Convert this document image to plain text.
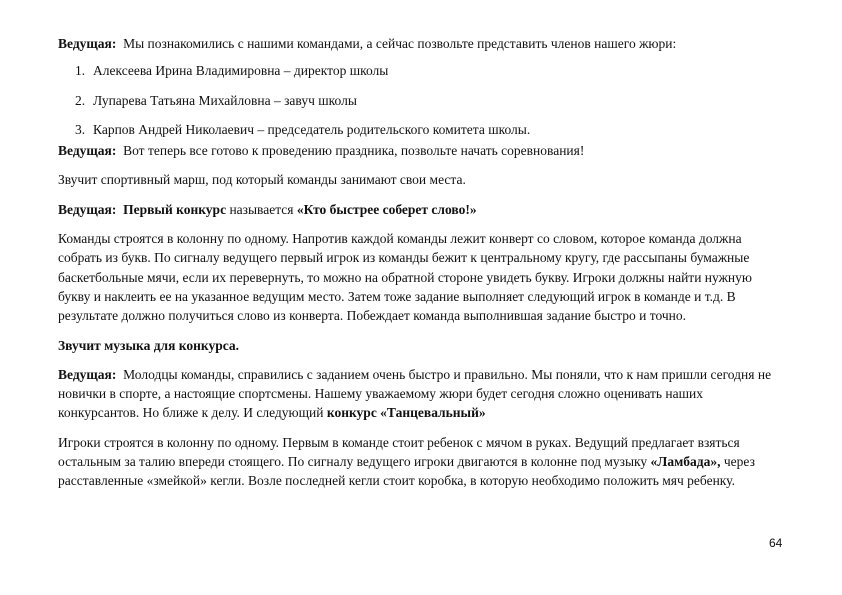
Ведущая: Мы познакомились с нашими командами, а сейчас позвольте представить членов нашего жюри:

1. Алексеева Ирина Владимировна – директор школы
2. Лупарева Татьяна Михайловна – завуч школы
3. Карпов Андрей Николаевич – председатель родительского комитета школы.

Ведущая: Вот теперь все готово к проведению праздника, позвольте начать соревнования!

Звучит спортивный марш, под который команды занимают свои места.

Ведущая: Первый конкурс называется «Кто быстрее соберет слово!»

Команды строятся в колонну по одному. Напротив каждой команды лежит конверт со словом, которое команда должна собрать из букв. По сигналу ведущего первый игрок из команды бежит к центральному кругу, где рассыпаны бумажные баскетбольные мячи, если их перевернуть, то можно на обратной стороне увидеть букву. Игроки должны найти нужную букву и наклеить ее на указанное ведущим место. Затем тоже задание выполняет следующий игрок в команде и т.д. В результате должно получиться слово из конверта. Побеждает команда выполнившая задание быстро и точно.

Звучит музыка для конкурса.

Ведущая: Молодцы команды, справились с заданием очень быстро и правильно. Мы поняли, что к нам пришли сегодня не новички в спорте, а настоящие спортсмены. Нашему уважаемому жюри будет сегодня сложно оценивать наших конкурсантов. Но ближе к делу. И следующий конкурс «Танцевальный»

Игроки строятся в колонну по одному. Первым в команде стоит ребенок с мячом в руках. Ведущий предлагает взяться остальным за талию впереди стоящего. По сигналу ведущего игроки двигаются в колонне под музыку «Ламбада», через расставленные «змейкой» кегли. Возле последней кегли стоит коробка, в которую необходимо положить мяч ребенку.

64
